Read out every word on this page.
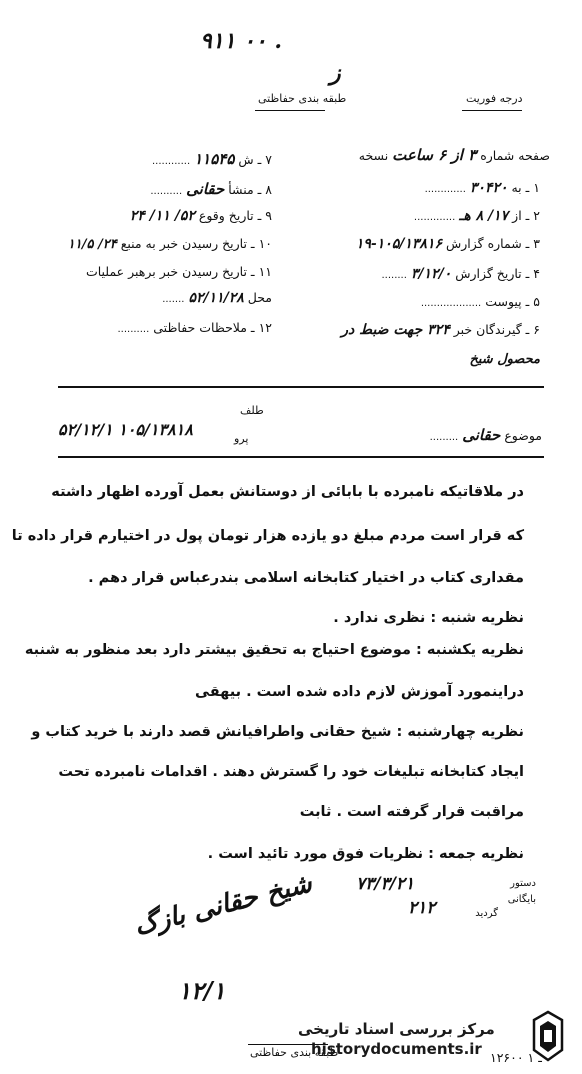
۹۱۱ ۰۰ .
ز
طبقه بندی حفاظتی	درجه فوریت
صفحه شماره ۳ از ۶ ساعت نسخه
۱ ـ به ۳۰۴۲۰ .............
۲ ـ از ۱۷/ ۸ هـ .............
۳ ـ شماره گزارش ۱۰۵/۱۳۸۱۶-۱۹
۴ ـ تاریخ گزارش ۳/۱۲/۰ ........
۵ ـ پیوست ...................
۶ ـ گیرندگان خبر ۳۲۴ جهت ضبط در
محصول شیخ
۷ ـ ش ۱۱۵۴۵ ............
۸ ـ منشأ حقانی ..........
۹ ـ تاریخ وقوع ۵۲/ ۱۱/ ۲۴
۱۰ ـ تاریخ رسیدن خبر به منبع ۲۴/ ۱۱/۵
۱۱ ـ تاریخ رسیدن خبر برهبر عملیات
محل ۵۲/۱۱/۲۸ .......
۱۲ ـ ملاحظات حفاظتی ..........
موضوع حقانی .........
طلف
پرو
۵۲/۱۲/۱ ۱۰۵/۱۳۸۱۸
در ملاقاتیکه نامبرده با بابائی از دوستانش بعمل آورده اظهار داشته
که قرار است مردم مبلغ دو یازده هزار تومان پول در اختیارم قرار داده تا
مقداری کتاب در اختیار کتابخانه اسلامی بندرعباس قرار دهم .
نظریه شنبه : نظری ندارد .
نظریه یکشنبه : موضوع احتیاج به تحقیق بیشتر دارد بعد منظور به شنبه
دراینمورد آموزش لازم داده شده است . بیهقی
نظریه چهارشنبه : شیخ حقانی واطرافیانش قصد دارند با خرید کتاب و
ایجاد کتابخانه تبلیغات خود را گسترش دهند . اقدامات نامبرده تحت
مراقبت قرار گرفته است . ثابت
نظریه جمعه : نظریات فوق مورد تائید است .
۷۳/۳/۲۱
۲۱۲
دستور
بایگانی
گردید
شیخ حقانی بازگ
۱۲/۱
۱۲۶۰۰ ـ ۱
طبقه بندی حفاظتی
مرکز بررسی اسناد تاریخی
historydocuments.ir
